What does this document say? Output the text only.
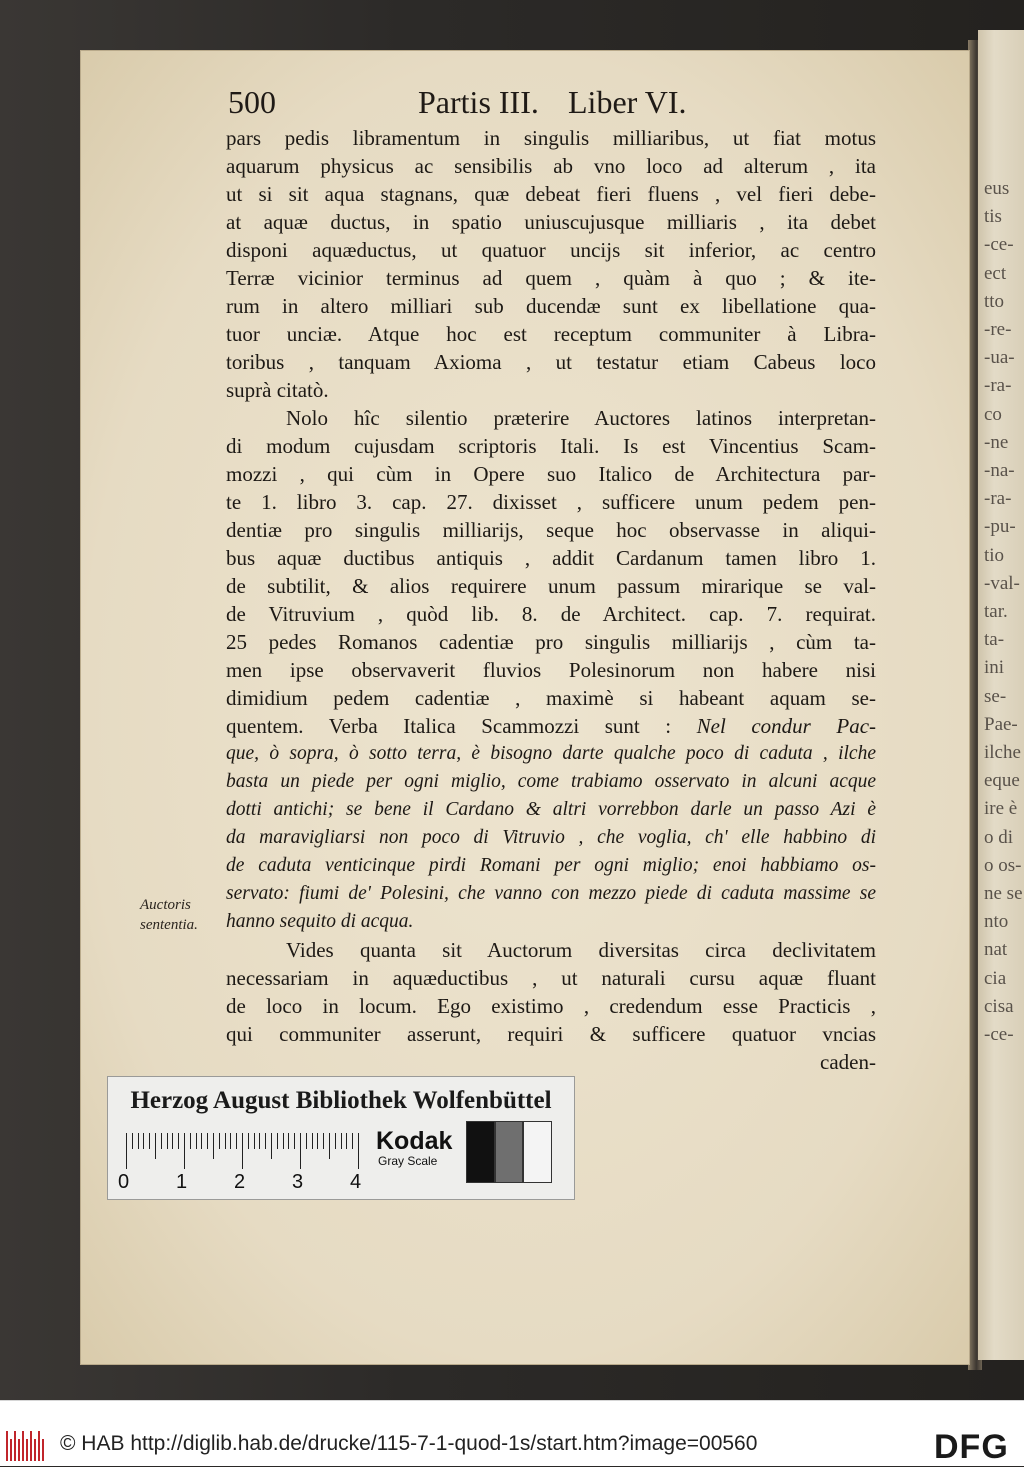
eus
tis
-ce-
ect
tto
-re-
-ua-
-ra-
co
-ne
-na-
-ra-
-pu-
tio
-val-
tar.
ta-
ini
se-
Pae-
ilche
eque
ire è
o di
o os-
ne se
nto
nat
cia
cisa
-ce-
500	Partis III. Liber VI.
pars pedis libramentum in singulis milliaribus, ut fiat motus
aquarum physicus ac sensibilis ab vno loco ad alterum , ita
ut si sit aqua stagnans, quæ debeat fieri fluens , vel fieri debe-
at aquæ ductus, in spatio uniuscujusque milliaris , ita debet
disponi aquæductus, ut quatuor uncijs sit inferior, ac centro
Terræ vicinior terminus ad quem , quàm à quo ; & ite-
rum in altero milliari sub ducendæ sunt ex libellatione qua-
tuor unciæ. Atque hoc est receptum communiter à Libra-
toribus , tanquam Axioma , ut testatur etiam Cabeus loco
suprà citatò.
Nolo hîc silentio præterire Auctores latinos interpretan-
di modum cujusdam scriptoris Itali. Is est Vincentius Scam-
mozzi , qui cùm in Opere suo Italico de Architectura par-
te 1. libro 3. cap. 27. dixisset , sufficere unum pedem pen-
dentiæ pro singulis milliarijs, seque hoc observasse in aliqui-
bus aquæ ductibus antiquis , addit Cardanum tamen libro 1.
de subtilit, & alios requirere unum passum mirarique se val-
de Vitruvium , quòd lib. 8. de Architect. cap. 7. requirat.
25 pedes Romanos cadentiæ pro singulis milliarijs , cùm ta-
men ipse observaverit fluvios Polesinorum non habere nisi
dimidium pedem cadentiæ , maximè si habeant aquam se-
quentem. Verba Italica Scammozzi sunt : Nel condur Pac-
que, ò sopra, ò sotto terra, è bisogno darte qualche poco di caduta , ilche
basta un piede per ogni miglio, come trabiamo osservato in alcuni acque
dotti antichi; se bene il Cardano & altri vorrebbon darle un passo Azi è
da maravigliarsi non poco di Vitruvio , che voglia, ch' elle habbino di
de caduta venticinque pirdi Romani per ogni miglio; enoi habbiamo os-
servato: fiumi de' Polesini, che vanno con mezzo piede di caduta massime se
hanno sequito di acqua.
Vides quanta sit Auctorum diversitas circa declivitatem
necessariam in aquæductibus , ut naturali cursu aquæ fluant
de loco in locum. Ego existimo , credendum esse Practicis ,
qui communiter asserunt, requiri & sufficere quatuor vncias
caden-
Auctoris
sententia.
Herzog August Bibliothek Wolfenbüttel
0 1 2 3 4
Kodak
Gray Scale
© HAB http://diglib.hab.de/drucke/115-7-1-quod-1s/start.htm?image=00560	DFG
